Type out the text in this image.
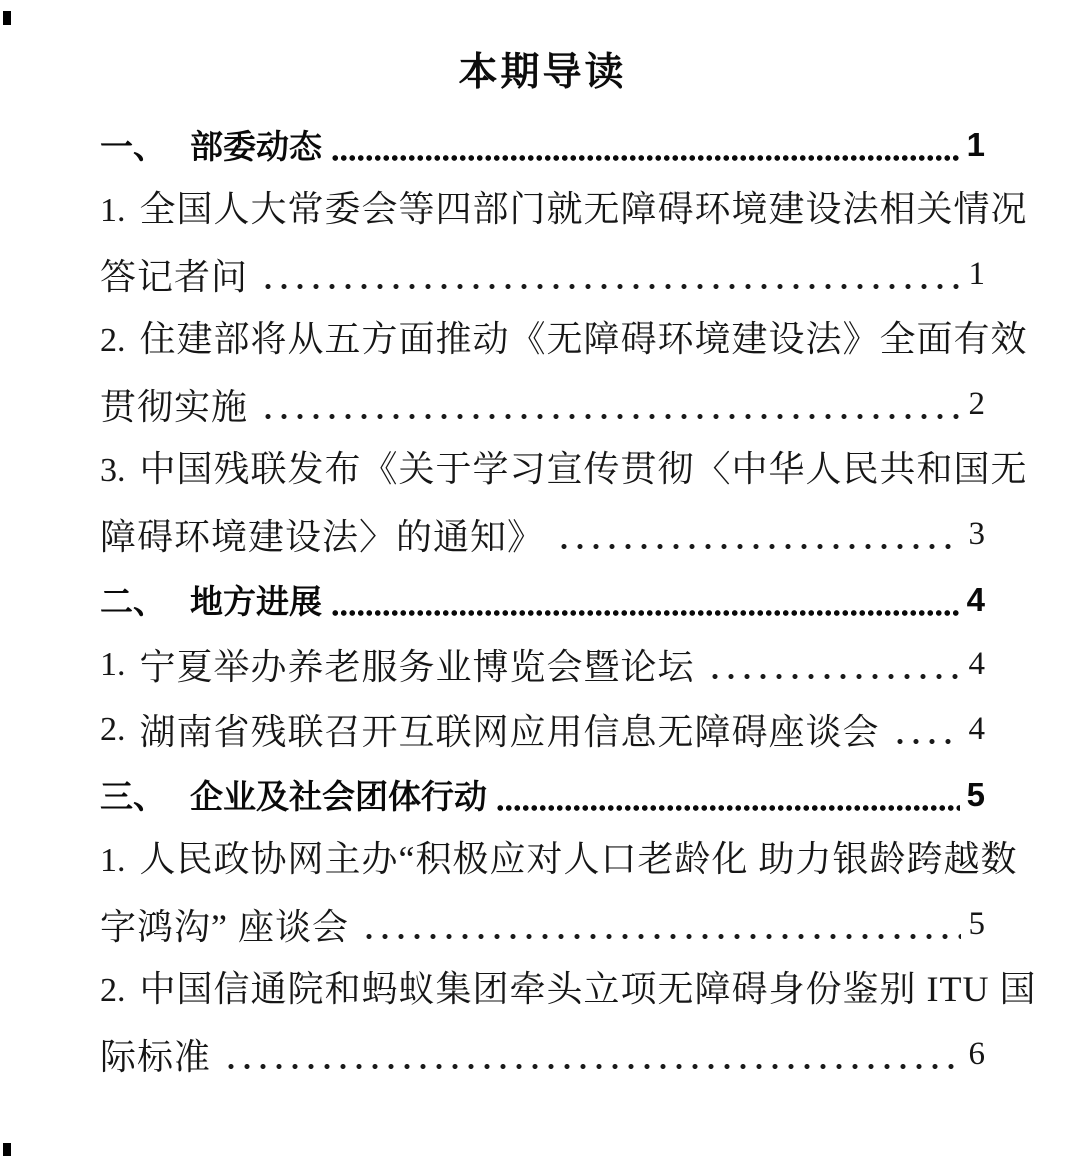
本期导读
一、 部委动态	1
1. 全国人大常委会等四部门就无障碍环境建设法相关情况
答记者问	1
2. 住建部将从五方面推动《无障碍环境建设法》全面有效
贯彻实施	2
3. 中国残联发布《关于学习宣传贯彻〈中华人民共和国无
障碍环境建设法〉的通知》	3
二、 地方进展	4
1. 宁夏举办养老服务业博览会暨论坛	4
2. 湖南省残联召开互联网应用信息无障碍座谈会	4
三、 企业及社会团体行动	5
1. 人民政协网主办“积极应对人口老龄化 助力银龄跨越数
字鸿沟” 座谈会	5
2. 中国信通院和蚂蚁集团牵头立项无障碍身份鉴别 ITU 国
际标准	6
